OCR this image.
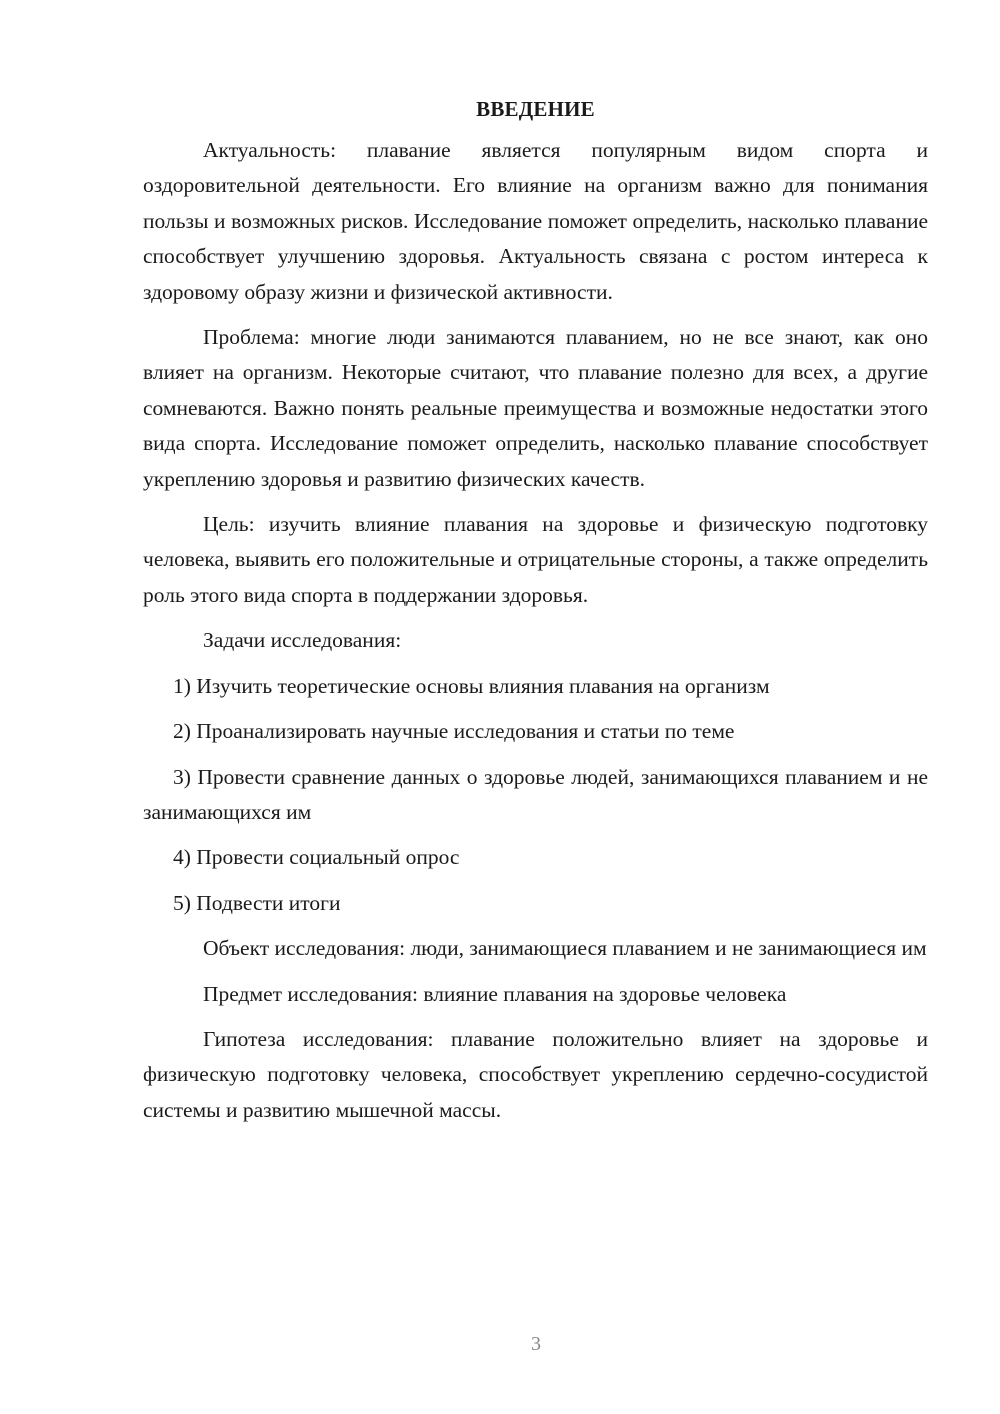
ВВЕДЕНИЕ

Актуальность: плавание является популярным видом спорта и оздоровительной деятельности. Его влияние на организм важно для понимания пользы и возможных рисков. Исследование поможет определить, насколько плавание способствует улучшению здоровья. Актуальность связана с ростом интереса к здоровому образу жизни и физической активности.

Проблема: многие люди занимаются плаванием, но не все знают, как оно влияет на организм. Некоторые считают, что плавание полезно для всех, а другие сомневаются. Важно понять реальные преимущества и возможные недостатки этого вида спорта. Исследование поможет определить, насколько плавание способствует укреплению здоровья и развитию физических качеств.

Цель: изучить влияние плавания на здоровье и физическую подготовку человека, выявить его положительные и отрицательные стороны, а также определить роль этого вида спорта в поддержании здоровья.

Задачи исследования:

1) Изучить теоретические основы влияния плавания на организм

2) Проанализировать научные исследования и статьи по теме

3) Провести сравнение данных о здоровье людей, занимающихся плаванием и не занимающихся им

4) Провести социальный опрос

5) Подвести итоги

Объект исследования: люди, занимающиеся плаванием и не занимающиеся им

Предмет исследования: влияние плавания на здоровье человека

Гипотеза исследования: плавание положительно влияет на здоровье и физическую подготовку человека, способствует укреплению сердечно-сосудистой системы и развитию мышечной массы.

3
